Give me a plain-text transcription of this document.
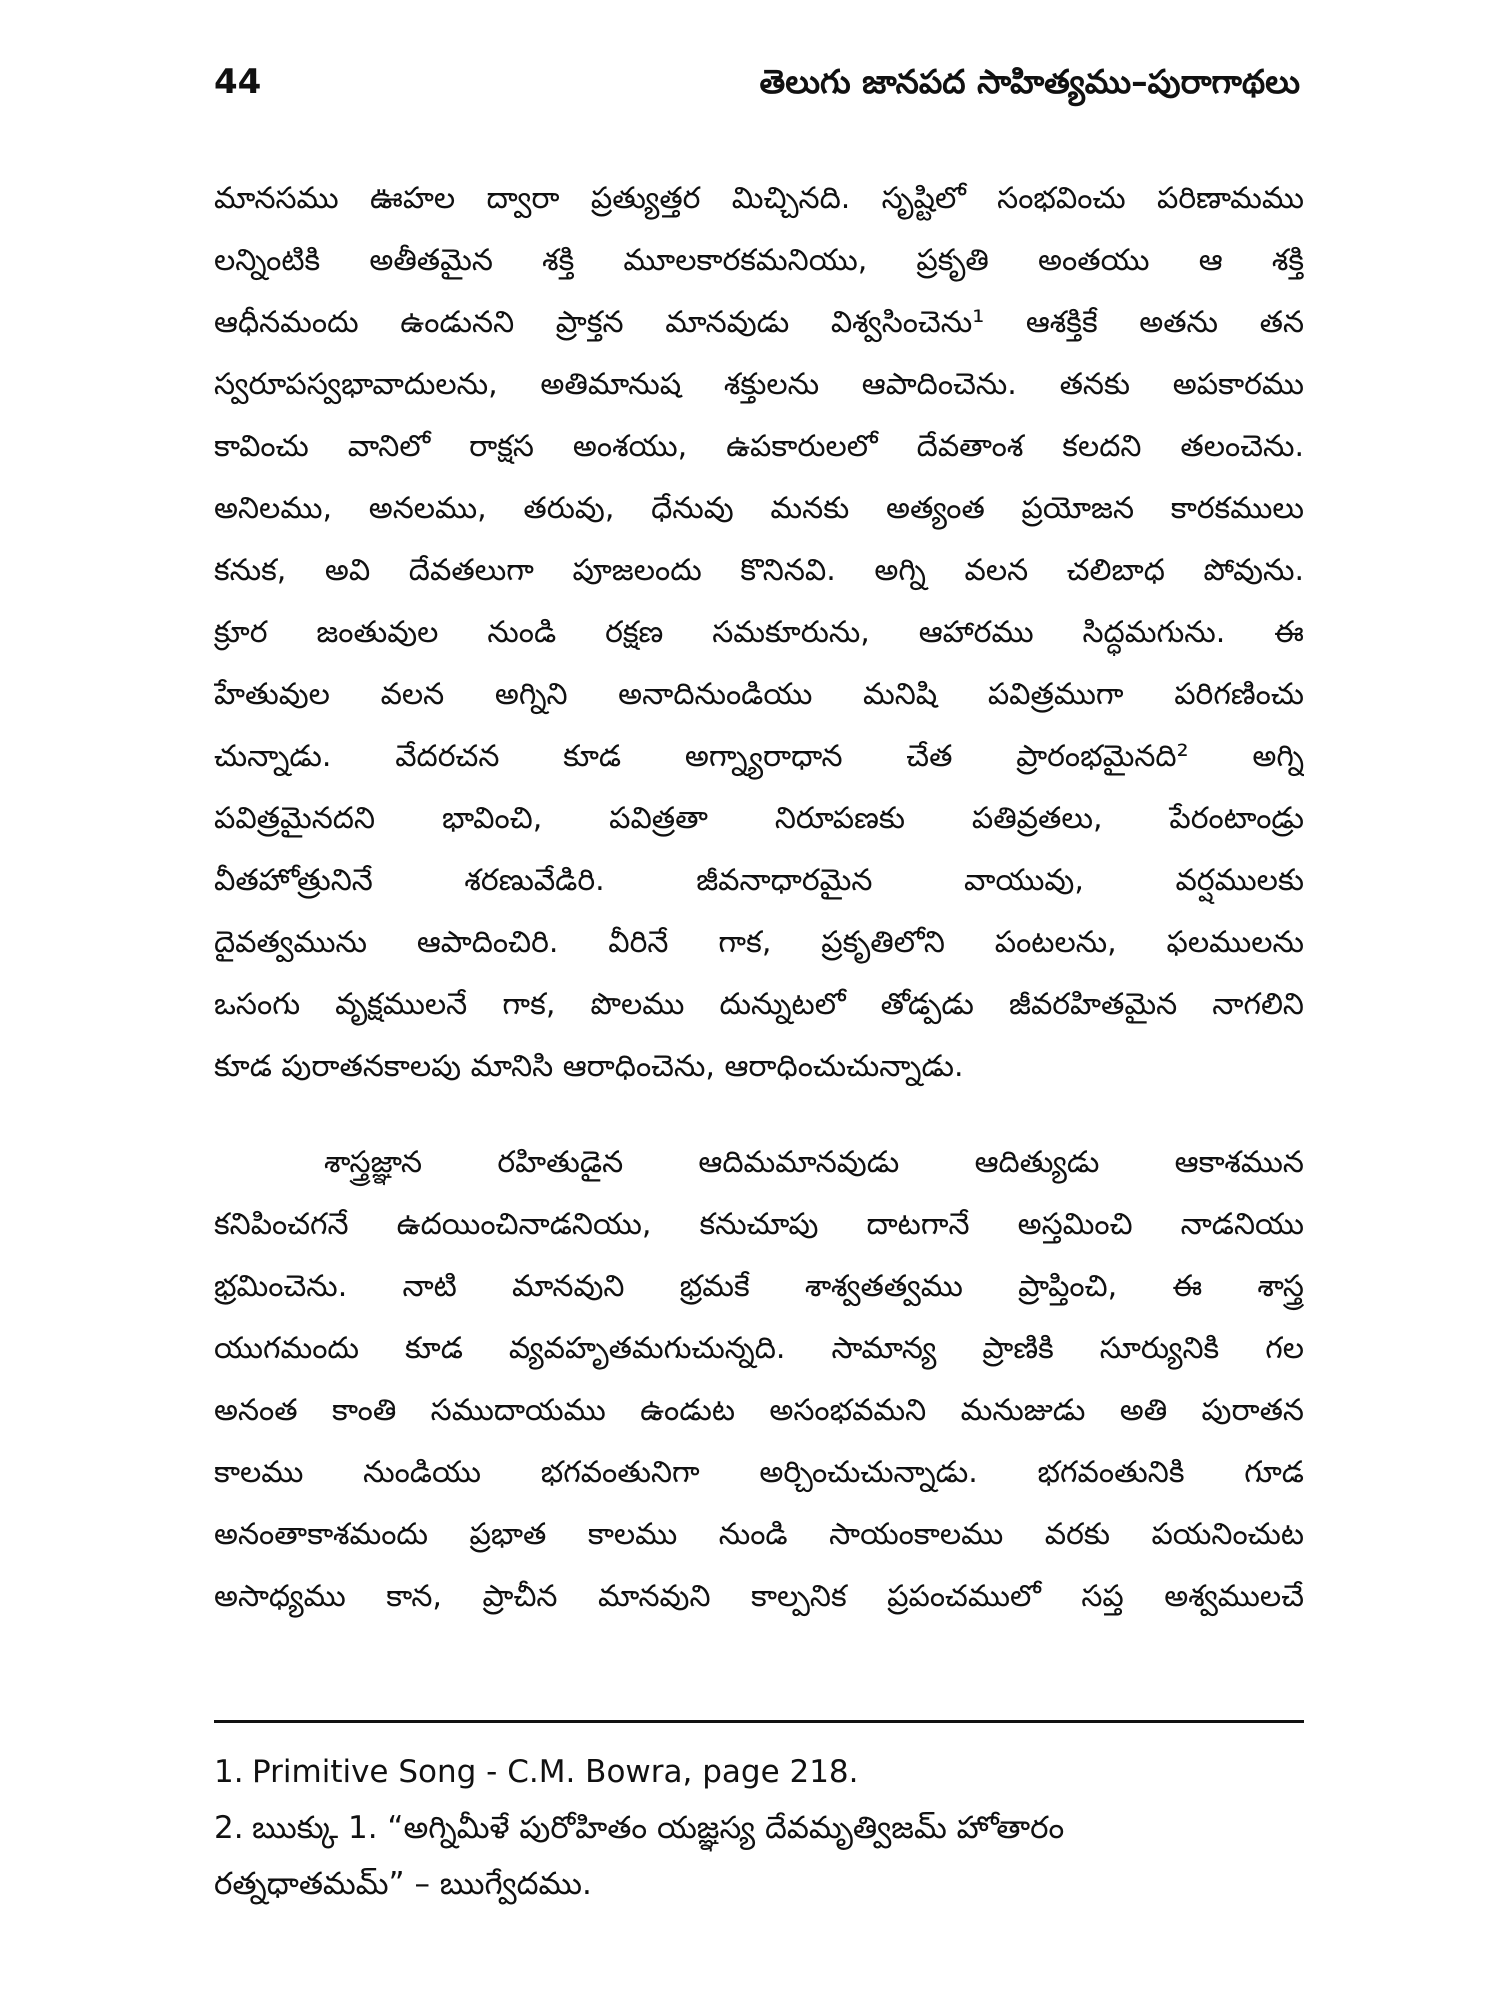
44	తెలుగు జానపద సాహిత్యము–పురాగాథలు
మానసము ఊహల ద్వారా ప్రత్యుత్తర మిచ్చినది. సృష్టిలో సంభవించు పరిణామము
లన్నింటికి అతీతమైన శక్తి మూలకారకమనియు, ప్రకృతి అంతయు ఆ శక్తి
ఆధీనమందు ఉండునని ప్రాక్తన మానవుడు విశ్వసించెను¹ ఆశక్తికే అతను తన
స్వరూపస్వభావాదులను, అతిమానుష శక్తులను ఆపాదించెను. తనకు అపకారము
కావించు వానిలో రాక్షస అంశయు, ఉపకారులలో దేవతాంశ కలదని తలంచెను.
అనిలము, అనలము, తరువు, ధేనువు మనకు అత్యంత ప్రయోజన కారకములు
కనుక, అవి దేవతలుగా పూజలందు కొనినవి. అగ్ని వలన చలిబాధ పోవును.
క్రూర జంతువుల నుండి రక్షణ సమకూరును, ఆహారము సిద్ధమగును. ఈ
హేతువుల వలన అగ్నిని అనాదినుండియు మనిషి పవిత్రముగా పరిగణించు
చున్నాడు. వేదరచన కూడ అగ్న్యారాధాన చేత ప్రారంభమైనది² అగ్ని
పవిత్రమైనదని భావించి, పవిత్రతా నిరూపణకు పతివ్రతలు, పేరంటాండ్రు
వీతహోత్రునినే శరణువేడిరి. జీవనాధారమైన వాయువు, వర్షములకు
దైవత్వమును ఆపాదించిరి. వీరినే గాక, ప్రకృతిలోని పంటలను, ఫలములను
ఒసంగు వృక్షములనే గాక, పొలము దున్నుటలో తోడ్పడు జీవరహితమైన నాగలిని
కూడ పురాతనకాలపు మానిసి ఆరాధించెను, ఆరాధించుచున్నాడు.
శాస్త్రజ్ఞాన రహితుడైన ఆదిమమానవుడు ఆదిత్యుడు ఆకాశమున
కనిపించగనే ఉదయించినాడనియు, కనుచూపు దాటగానే అస్తమించి నాడనియు
భ్రమించెను. నాటి మానవుని భ్రమకే శాశ్వతత్వము ప్రాప్తించి, ఈ శాస్త్ర
యుగమందు కూడ వ్యవహృతమగుచున్నది. సామాన్య ప్రాణికి సూర్యునికి గల
అనంత కాంతి సముదాయము ఉండుట అసంభవమని మనుజుడు అతి పురాతన
కాలము నుండియు భగవంతునిగా అర్చించుచున్నాడు. భగవంతునికి గూడ
అనంతాకాశమందు ప్రభాత కాలము నుండి సాయంకాలము వరకు పయనించుట
అసాధ్యము కాన, ప్రాచీన మానవుని కాల్పనిక ప్రపంచములో సప్త అశ్వములచే
1. Primitive Song - C.M. Bowra, page 218.
2. ఋక్కు 1. “అగ్నిమీళే పురోహితం యజ్ఞస్య దేవమృత్విజమ్ హోతారం
రత్నధాతమమ్” – ఋగ్వేదము.
